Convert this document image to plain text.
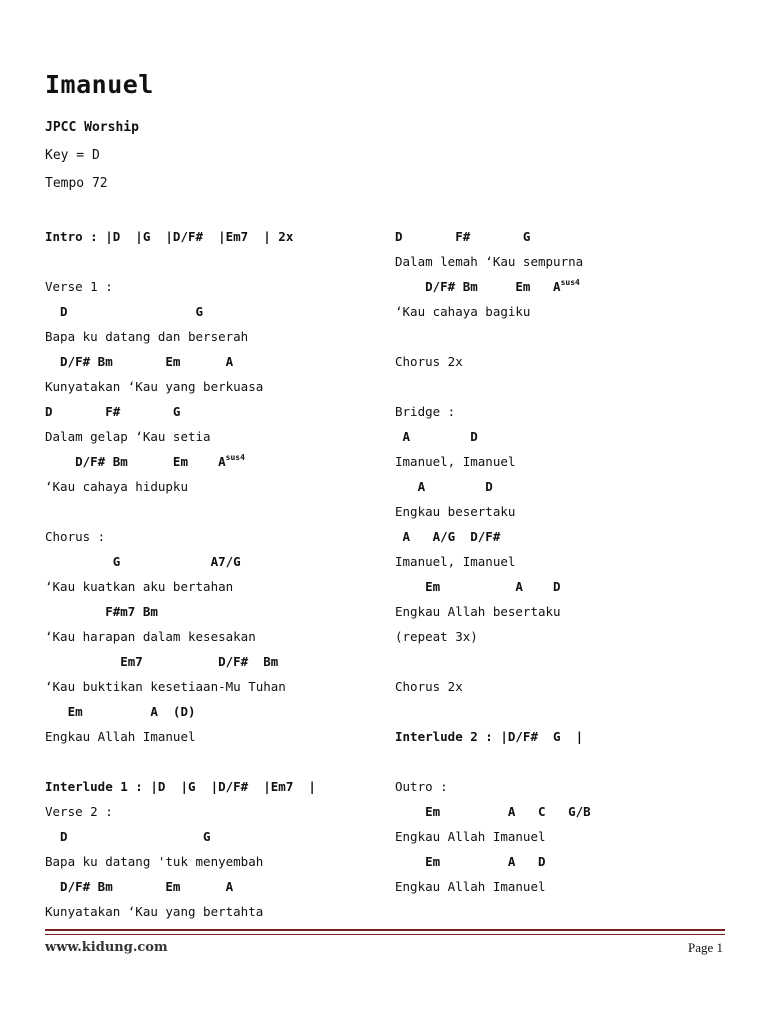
Imanuel
JPCC Worship
Key = D
Tempo 72
Intro : |D  |G  |D/F#  |Em7  | 2x
Verse 1 :
D                 G
Bapa ku datang dan berserah
D/F# Bm       Em      A
Kunyatakan ‘Kau yang berkuasa
D       F#       G
Dalam gelap ‘Kau setia
D/F# Bm      Em    $A^{sus4}$
‘Kau cahaya hidupku
Chorus :
G            A7/G
‘Kau kuatkan aku bertahan
F#m7 Bm
‘Kau harapan dalam kesesakan
Em7          D/F#  Bm
‘Kau buktikan kesetiaan-Mu Tuhan
Em         A  (D)
Engkau Allah Imanuel
Interlude 1 : |D  |G  |D/F#  |Em7  |
Verse 2 :
D                  G
Bapa ku datang 'tuk menyembah
D/F# Bm       Em      A
Kunyatakan ‘Kau yang bertahta
D       F#       G
Dalam lemah ‘Kau sempurna
D/F# Bm     Em   $A^{sus4}$
‘Kau cahaya bagiku
Chorus 2x
Bridge :
A        D
Imanuel, Imanuel
A        D
Engkau besertaku
A   A/G  D/F#
Imanuel, Imanuel
Em          A    D
Engkau Allah besertaku
(repeat 3x)
Chorus 2x
Interlude 2 : |D/F#  G  |
Outro :
Em         A   C   G/B
Engkau Allah Imanuel
Em         A   D
Engkau Allah Imanuel
www.kidung.com	Page 1
